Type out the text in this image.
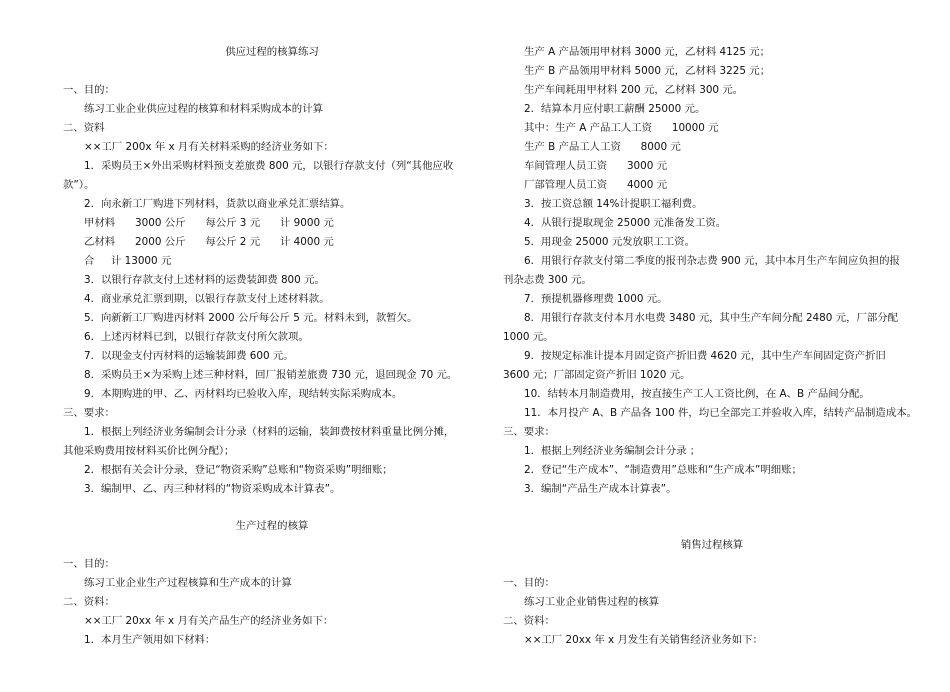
供应过程的核算练习
一、目的：
练习工业企业供应过程的核算和材料采购成本的计算
二、资料
××工厂 200x 年 x 月有关材料采购的经济业务如下：
1．采购员王×外出采购材料预支差旅费 800 元，以银行存款支付（列“其他应收
款”）。
2．向永新工厂购进下列材料，货款以商业承兑汇票结算。
甲材料      3000 公斤      每公斤 3 元      计 9000 元
乙材料      2000 公斤      每公斤 2 元      计 4000 元
合     计 13000 元
3．以银行存款支付上述材料的运费装卸费 800 元。
4．商业承兑汇票到期，以银行存款支付上述材料款。
5．向新新工厂购进丙材料 2000 公斤每公斤 5 元。材料未到，款暂欠。
6．上述丙材料已到，以银行存款支付所欠款项。
7．以现金支付丙材料的运输装卸费 600 元。
8．采购员王×为采购上述三种材料，回厂报销差旅费 730 元，退回现金 70 元。
9．本期购进的甲、乙、丙材料均已验收入库，现结转实际采购成本。
三、要求：
1．根据上列经济业务编制会计分录（材料的运输，装卸费按材料重量比例分摊，
其他采购费用按材料买价比例分配）；
2．根据有关会计分录，登记“物资采购”总账和“物资采购”明细账；
3．编制甲、乙、丙三种材料的“物资采购成本计算表”。
生产过程的核算
一、目的：
练习工业企业生产过程核算和生产成本的计算
二、资料：
××工厂 20xx 年 x 月有关产品生产的经济业务如下：
1．本月生产领用如下材料：
生产 A 产品领用甲材料 3000 元，乙材料 4125 元；
生产 B 产品领用甲材料 5000 元，乙材料 3225 元；
生产车间耗用甲材料 200 元，乙材料 300 元。
2．结算本月应付职工薪酬 25000 元。
其中：生产 A 产品工人工资      10000 元
生产 B 产品工人工资      8000 元
车间管理人员工资      3000 元
厂部管理人员工资      4000 元
3．按工资总额 14%计提职工福利费。
4．从银行提取现金 25000 元准备发工资。
5．用现金 25000 元发放职工工资。
6．用银行存款支付第二季度的报刊杂志费 900 元，其中本月生产车间应负担的报
刊杂志费 300 元。
7．预提机器修理费 1000 元。
8．用银行存款支付本月水电费 3480 元，其中生产车间分配 2480 元，厂部分配
1000 元。
9．按规定标准计提本月固定资产折旧费 4620 元，其中生产车间固定资产折旧
3600 元；厂部固定资产折旧 1020 元。
10．结转本月制造费用，按直接生产工人工资比例，在 A、B 产品间分配。
11．本月投产 A、B 产品各 100 件，均已全部完工并验收入库，结转产品制造成本。
三、要求：
1．根据上列经济业务编制会计分录 ；
2．登记“生产成本”、“制造费用”总账和“生产成本”明细账；
3．编制“产品生产成本计算表”。
销售过程核算
一、目的：
练习工业企业销售过程的核算
二、资料：
××工厂 20xx 年 x 月发生有关销售经济业务如下：
